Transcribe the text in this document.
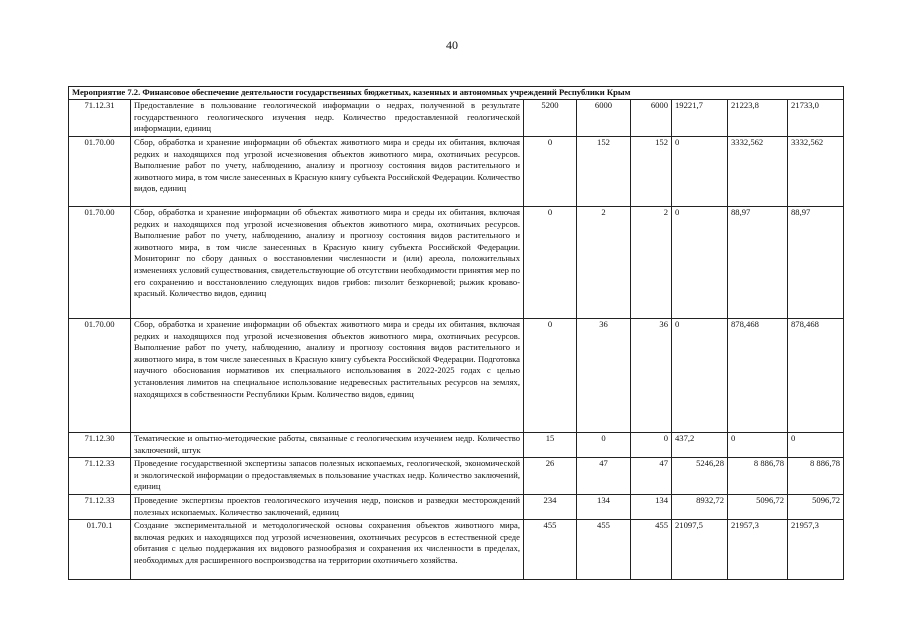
40
Мероприятие 7.2. Финансовое обеспечение деятельности государственных бюджетных, казенных и автономных учреждений Республики Крым							
71.12.31	Предоставление в пользование геологической информации о недрах, полученной в результате государственного геологического изучения недр. Количество предоставленной геологической информации, единиц	5200	6000	6000	19221,7	21223,8	21733,0
01.70.00	Сбор, обработка и хранение информации об объектах животного мира и среды их обитания, включая редких и находящихся под угрозой исчезновения объектов животного мира, охотничьих ресурсов. Выполнение работ по учету, наблюдению, анализу и прогнозу состояния видов растительного и животного мира, в том числе занесенных в Красную книгу субъекта Российской Федерации. Количество видов, единиц	0	152	152	0	3332,562	3332,562
01.70.00	Сбор, обработка и хранение информации об объектах животного мира и среды их обитания, включая редких и находящихся под угрозой исчезновения объектов животного мира, охотничьих ресурсов. Выполнение работ по учету, наблюдению, анализу и прогнозу состояния видов растительного и животного мира, в том числе занесенных в Красную книгу субъекта Российской Федерации. Мониторинг по сбору данных о восстановлении численности и (или) ареола, положительных изменениях условий существования, свидетельствующие об отсутствии необходимости принятия мер по его сохранению и восстановлению следующих видов грибов: пизолит безкорневой; рыжик кроваво-красный. Количество видов, единиц	0	2	2	0	88,97	88,97
01.70.00	Сбор, обработка и хранение информации об объектах животного мира и среды их обитания, включая редких и находящихся под угрозой исчезновения объектов животного мира, охотничьих ресурсов. Выполнение работ по учету, наблюдению, анализу и прогнозу состояния видов растительного и животного мира, в том числе занесенных в Красную книгу субъекта Российской Федерации. Подготовка научного обоснования нормативов их специального использования в 2022-2025 годах с целью установления лимитов на специальное использование недревесных растительных ресурсов на землях, находящихся в собственности Республики Крым. Количество видов, единиц	0	36	36	0	878,468	878,468
71.12.30	Тематические и опытно-методические работы, связанные с геологическим изучением недр. Количество заключений, штук	15	0	0	437,2	0	0
71.12.33	Проведение государственной экспертизы запасов полезных ископаемых, геологической, экономической и экологической информации о предоставляемых в пользование участках недр. Количество заключений, единиц	26	47	47	5246,28	8 886,78	8 886,78
71.12.33	Проведение экспертизы проектов геологического изучения недр, поисков и разведки месторождений полезных ископаемых. Количество заключений, единиц	234	134	134	8932,72	5096,72	5096,72
01.70.1	Создание экспериментальной и методологической основы сохранения объектов животного мира, включая редких и находящихся под угрозой исчезновения, охотничьих ресурсов в естественной среде обитания с целью поддержания их видового разнообразия и сохранения их численности в пределах, необходимых для расширенного воспроизводства на территории охотничьего хозяйства.	455	455	455	21097,5	21957,3	21957,3
